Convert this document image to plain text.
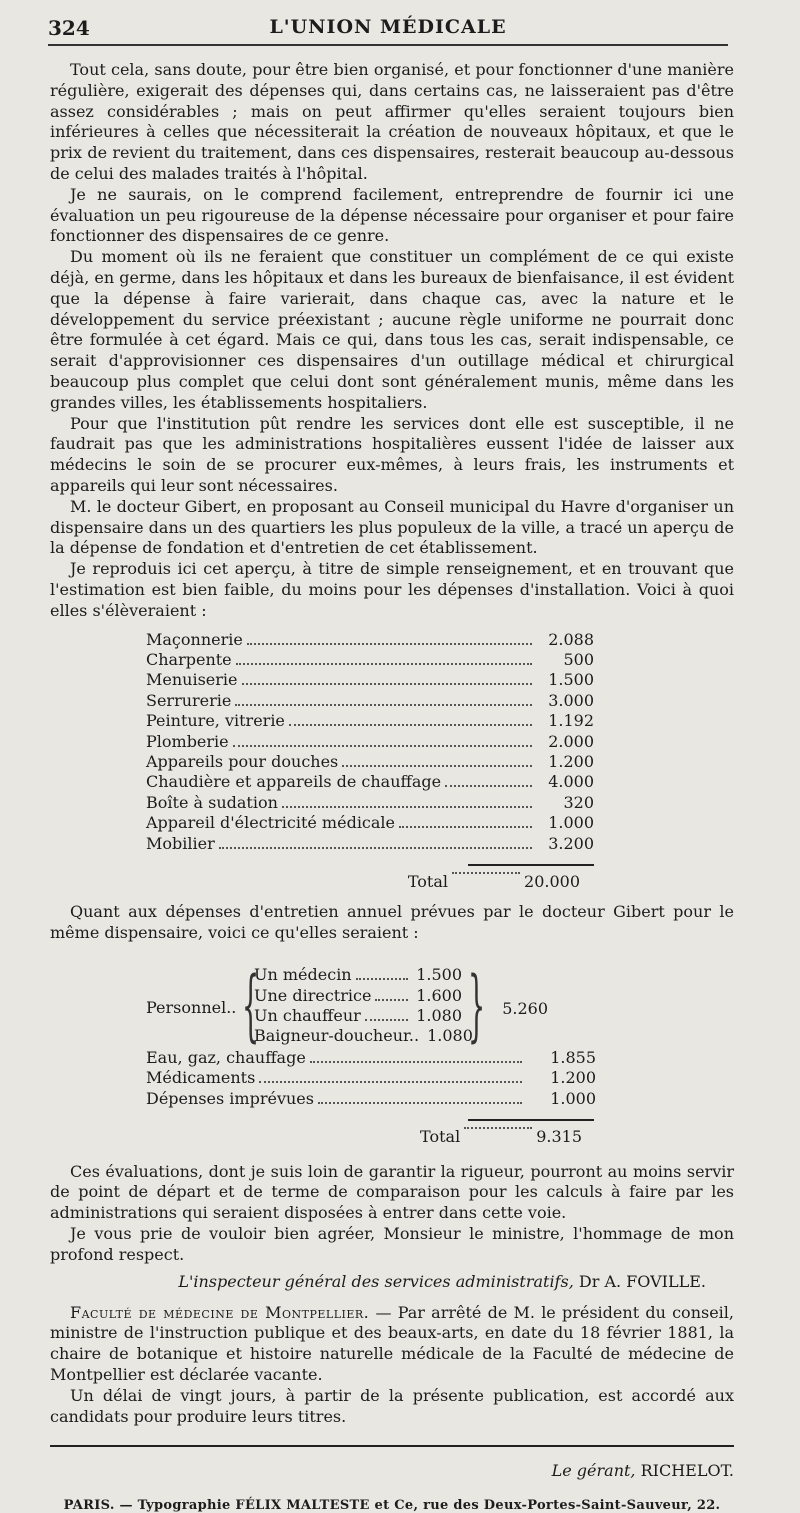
324	L'UNION MÉDICALE

Tout cela, sans doute, pour être bien organisé, et pour fonctionner d'une manière régulière, exigerait des dépenses qui, dans certains cas, ne laisseraient pas d'être assez considérables ; mais on peut affirmer qu'elles seraient toujours bien inférieures à celles que nécessiterait la création de nouveaux hôpitaux, et que le prix de revient du traitement, dans ces dispensaires, resterait beaucoup au-dessous de celui des malades traités à l'hôpital.

Je ne saurais, on le comprend facilement, entreprendre de fournir ici une évaluation un peu rigoureuse de la dépense nécessaire pour organiser et pour faire fonctionner des dispensaires de ce genre.

Du moment où ils ne feraient que constituer un complément de ce qui existe déjà, en germe, dans les hôpitaux et dans les bureaux de bienfaisance, il est évident que la dépense à faire varierait, dans chaque cas, avec la nature et le développement du service préexistant ; aucune règle uniforme ne pourrait donc être formulée à cet égard. Mais ce qui, dans tous les cas, serait indispensable, ce serait d'approvisionner ces dispensaires d'un outillage médical et chirurgical beaucoup plus complet que celui dont sont généralement munis, même dans les grandes villes, les établissements hospitaliers.

Pour que l'institution pût rendre les services dont elle est susceptible, il ne faudrait pas que les administrations hospitalières eussent l'idée de laisser aux médecins le soin de se procurer eux-mêmes, à leurs frais, les instruments et appareils qui leur sont nécessaires.

M. le docteur Gibert, en proposant au Conseil municipal du Havre d'organiser un dispensaire dans un des quartiers les plus populeux de la ville, a tracé un aperçu de la dépense de fondation et d'entretien de cet établissement.

Je reproduis ici cet aperçu, à titre de simple renseignement, et en trouvant que l'estimation est bien faible, du moins pour les dépenses d'installation. Voici à quoi elles s'élèveraient :

Maçonnerie	2.088
Charpente	500
Menuiserie	1.500
Serrurerie	3.000
Peinture, vitrerie	1.192
Plomberie	2.000
Appareils pour douches	1.200
Chaudière et appareils de chauffage	4.000
Boîte à sudation	320
Appareil d'électricité médicale	1.000
Mobilier	3.200
Total	20.000

Quant aux dépenses d'entretien annuel prévues par le docteur Gibert pour le même dispensaire, voici ce qu'elles seraient :

Personnel.. {
Un médecin	1.500
Une directrice	1.600
Un chauffeur	1.080
Baigneur-doucheur.. 1.080
}	5.260
Eau, gaz, chauffage	1.855
Médicaments	1.200
Dépenses imprévues	1.000
Total	9.315

Ces évaluations, dont je suis loin de garantir la rigueur, pourront au moins servir de point de départ et de terme de comparaison pour les calculs à faire par les administrations qui seraient disposées à entrer dans cette voie.

Je vous prie de vouloir bien agréer, Monsieur le ministre, l'hommage de mon profond respect.

L'inspecteur général des services administratifs, Dr A. FOVILLE.

Faculté de médecine de Montpellier. — Par arrêté de M. le président du conseil, ministre de l'instruction publique et des beaux-arts, en date du 18 février 1881, la chaire de botanique et histoire naturelle médicale de la Faculté de médecine de Montpellier est déclarée vacante.

Un délai de vingt jours, à partir de la présente publication, est accordé aux candidats pour produire leurs titres.

Le gérant, RICHELOT.
PARIS. — Typographie FÉLIX MALTESTE et Ce, rue des Deux-Portes-Saint-Sauveur, 22.
